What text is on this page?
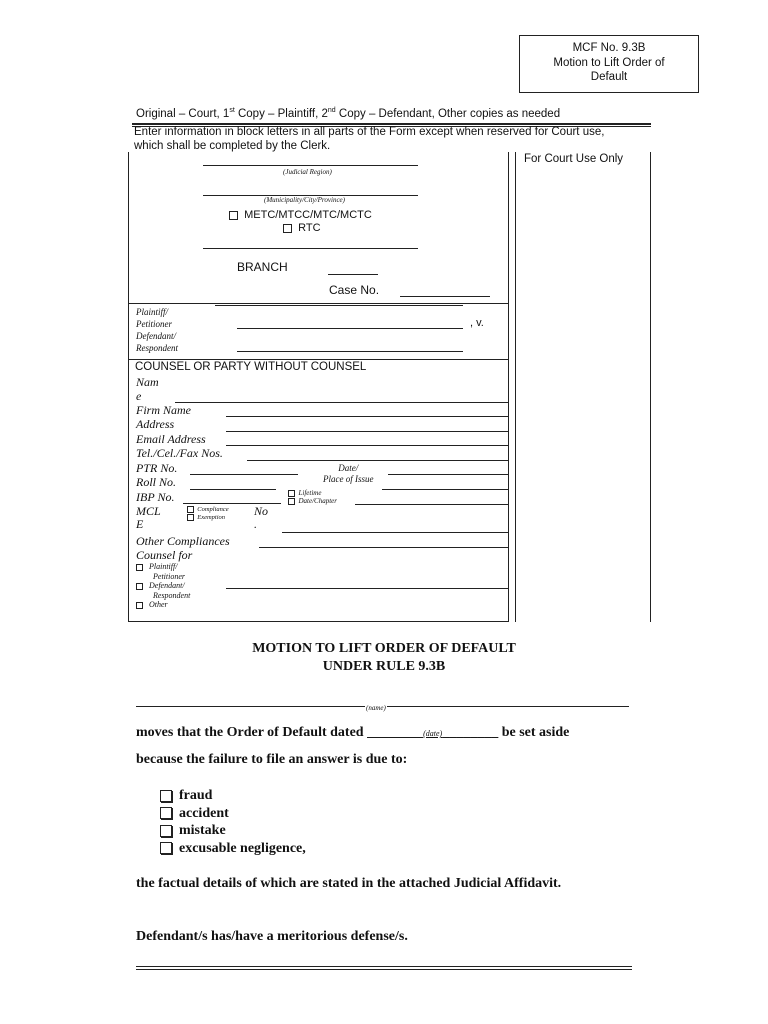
MCF No. 9.3B
Motion to Lift Order of
Default
Original – Court, 1st Copy – Plaintiff, 2nd Copy – Defendant, Other copies as needed
Enter information in block letters in all parts of the Form except when reserved for Court use, which shall be completed by the Clerk.
For Court Use Only
(Judicial Region)
(Municipality/City/Province)
METC/MTCC/MTC/MCTC
RTC
BRANCH
Case No.
Plaintiff/
Petitioner
Defendant/
Respondent
, v.
COUNSEL OR PARTY WITHOUT COUNSEL
Nam
e
Firm Name
Address
Email Address
Tel./Cel./Fax Nos.
PTR No.	Date/
Place of Issue
Roll No.
IBP No.	Lifetime
Date/Chapter
MCL
E
Compliance
Exemption	No
.
Other Compliances
Counsel for
Plaintiff/
Petitioner
Defendant/
Respondent
Other
MOTION TO LIFT ORDER OF DEFAULT
UNDER RULE 9.3B
(name)
moves that the Order of Default dated ________(date)________ be set aside
because the failure to file an answer is due to:
fraud
accident
mistake
excusable negligence,
the factual details of which are stated in the attached Judicial Affidavit.
Defendant/s has/have a meritorious defense/s.
